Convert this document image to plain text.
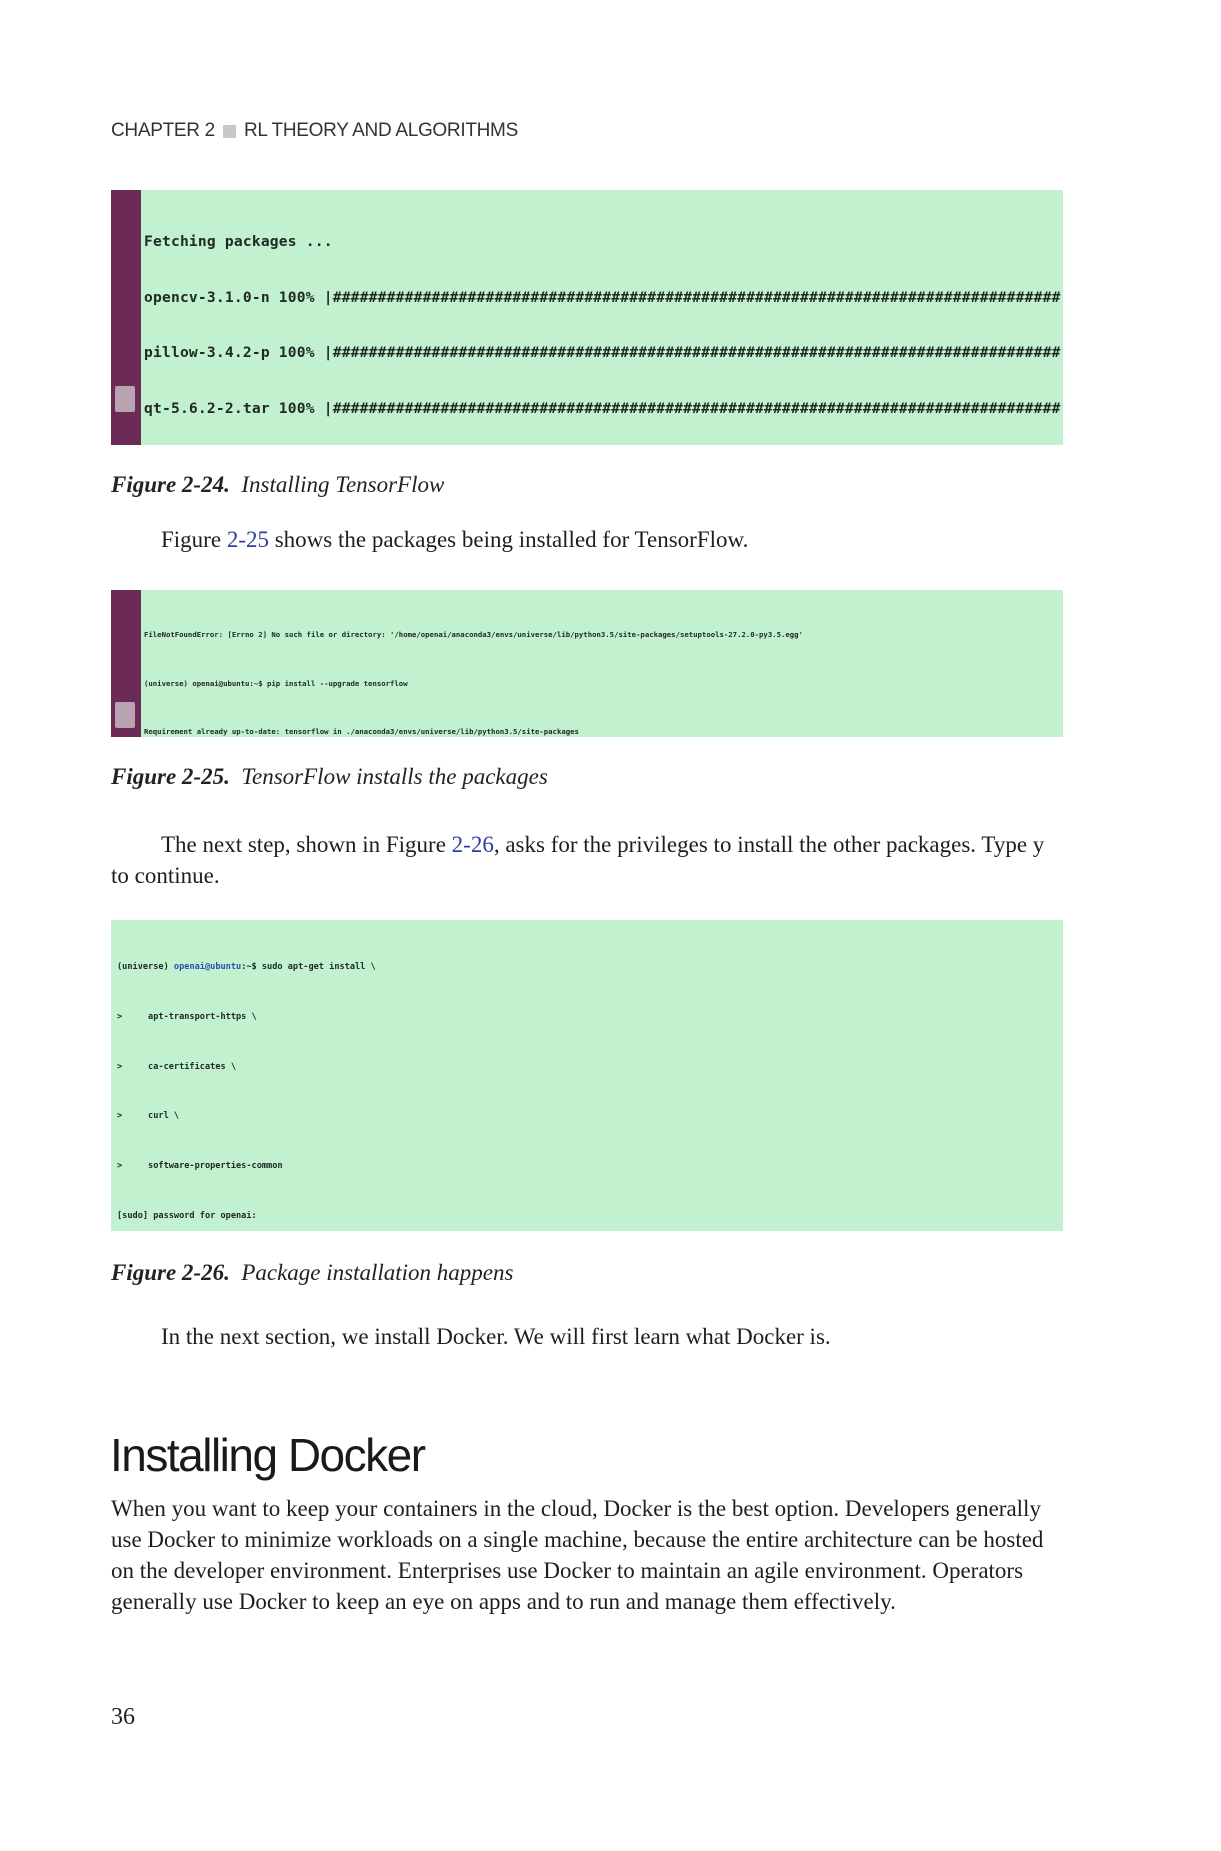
CHAPTER 2 RL THEORY AND ALGORITHMS

Fetching packages ...

opencv-3.1.0-n 100% |#################################################################################

pillow-3.4.2-p 100% |#################################################################################

qt-5.6.2-2.tar 100% |#################################################################################

Figure 2-24. Installing TensorFlow
Figure 2-25 shows the packages being installed for TensorFlow.

FileNotFoundError: [Errno 2] No such file or directory: '/home/openai/anaconda3/envs/universe/lib/python3.5/site-packages/setuptools-27.2.0-py3.5.egg'

(universe) openai@ubuntu:~$ pip install --upgrade tensorflow

Requirement already up-to-date: tensorflow in ./anaconda3/envs/universe/lib/python3.5/site-packages

Figure 2-25. TensorFlow installs the packages
The next step, shown in Figure 2-26, asks for the privileges to install the other packages. Type y to continue.

(universe) openai@ubuntu:~$ sudo apt-get install \

>     apt-transport-https \

>     ca-certificates \

>     curl \

>     software-properties-common

[sudo] password for openai:

Figure 2-26. Package installation happens
In the next section, we install Docker. We will first learn what Docker is.
Installing Docker
When you want to keep your containers in the cloud, Docker is the best option. Developers generally use Docker to minimize workloads on a single machine, because the entire architecture can be hosted on the developer environment. Enterprises use Docker to maintain an agile environment. Operators generally use Docker to keep an eye on apps and to run and manage them effectively.
36
